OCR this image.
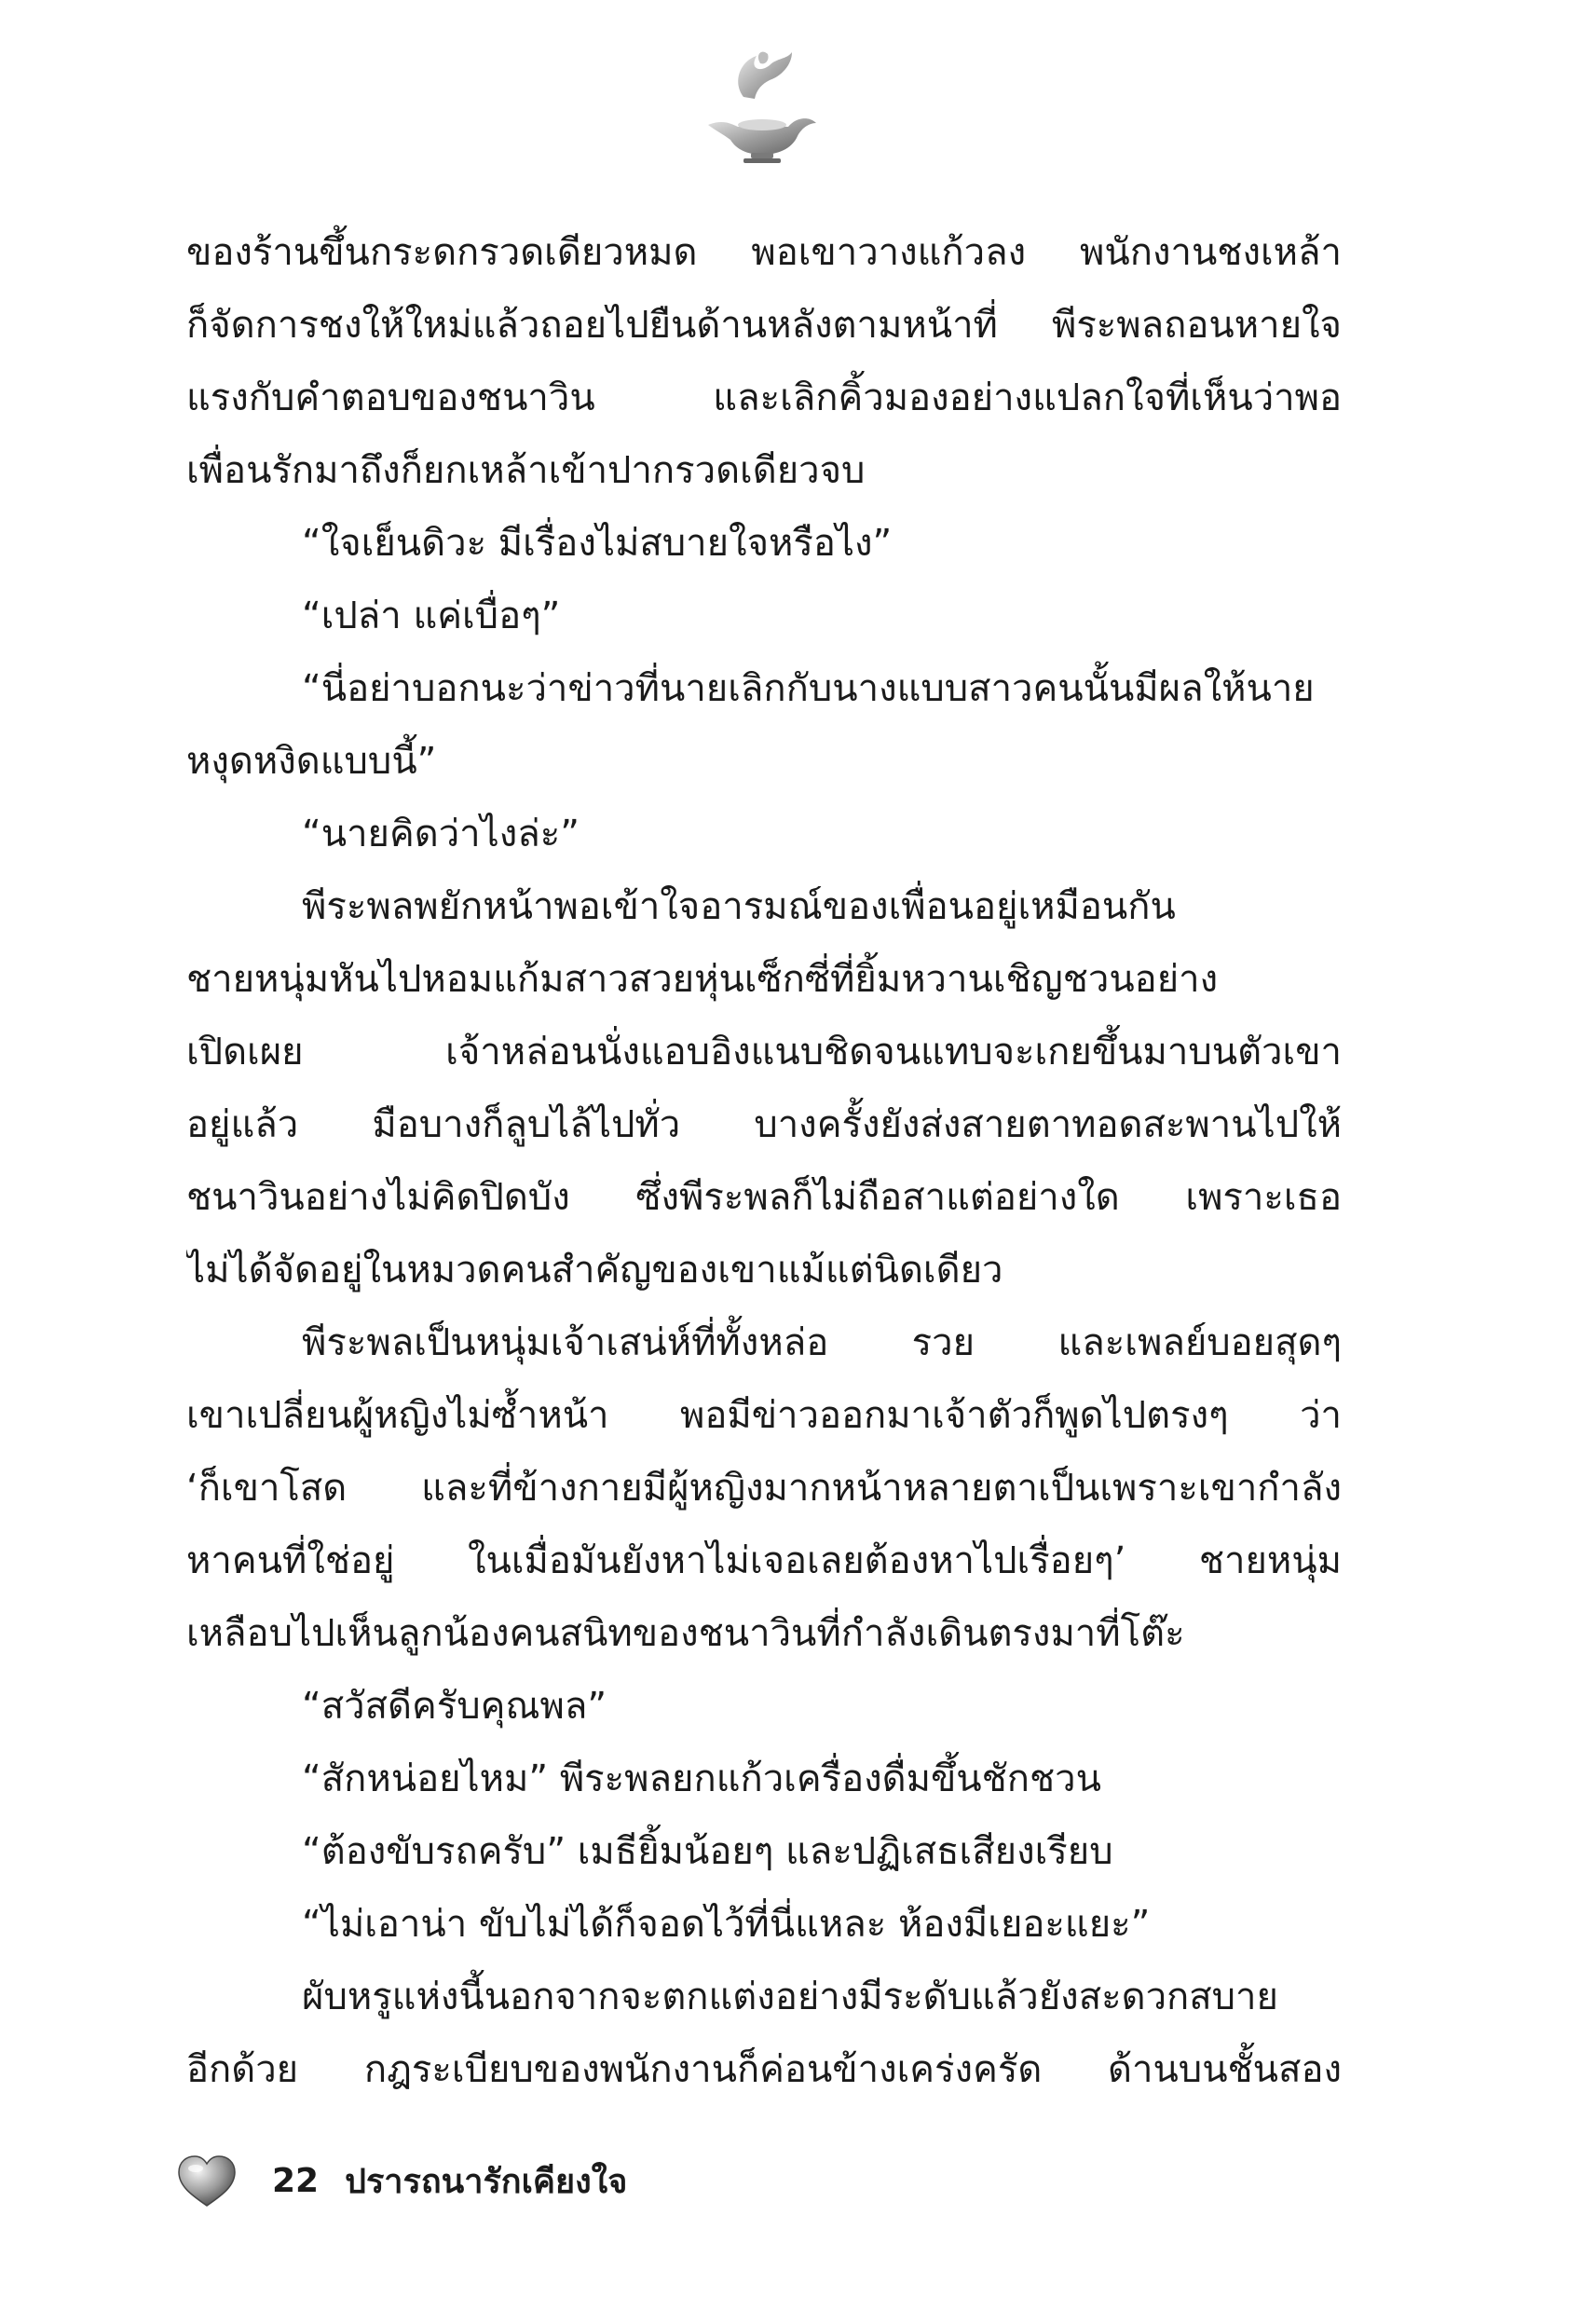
ของร้านขึ้นกระดกรวดเดียวหมด พอเขาวางแก้วลง พนักงานชงเหล้า
ก็จัดการชงให้ใหม่แล้วถอยไปยืนด้านหลังตามหน้าที่ พีระพลถอนหายใจ
แรงกับคำตอบของชนาวิน และเลิกคิ้วมองอย่างแปลกใจที่เห็นว่าพอ
เพื่อนรักมาถึงก็ยกเหล้าเข้าปากรวดเดียวจบ
“ใจเย็นดิวะ มีเรื่องไม่สบายใจหรือไง”
“เปล่า แค่เบื่อๆ”
“นี่อย่าบอกนะว่าข่าวที่นายเลิกกับนางแบบสาวคนนั้นมีผลให้นาย
หงุดหงิดแบบนี้”
“นายคิดว่าไงล่ะ”
พีระพลพยักหน้าพอเข้าใจอารมณ์ของเพื่อนอยู่เหมือนกัน
ชายหนุ่มหันไปหอมแก้มสาวสวยหุ่นเซ็กซี่ที่ยิ้มหวานเชิญชวนอย่าง
เปิดเผย เจ้าหล่อนนั่งแอบอิงแนบชิดจนแทบจะเกยขึ้นมาบนตัวเขา
อยู่แล้ว มือบางก็ลูบไล้ไปทั่ว บางครั้งยังส่งสายตาทอดสะพานไปให้
ชนาวินอย่างไม่คิดปิดบัง ซึ่งพีระพลก็ไม่ถือสาแต่อย่างใด เพราะเธอ
ไม่ได้จัดอยู่ในหมวดคนสำคัญของเขาแม้แต่นิดเดียว
พีระพลเป็นหนุ่มเจ้าเสน่ห์ที่ทั้งหล่อ รวย และเพลย์บอยสุดๆ
เขาเปลี่ยนผู้หญิงไม่ซ้ำหน้า พอมีข่าวออกมาเจ้าตัวก็พูดไปตรงๆ ว่า
‘ก็เขาโสด และที่ข้างกายมีผู้หญิงมากหน้าหลายตาเป็นเพราะเขากำลัง
หาคนที่ใช่อยู่ ในเมื่อมันยังหาไม่เจอเลยต้องหาไปเรื่อยๆ’ ชายหนุ่ม
เหลือบไปเห็นลูกน้องคนสนิทของชนาวินที่กำลังเดินตรงมาที่โต๊ะ
“สวัสดีครับคุณพล”
“สักหน่อยไหม” พีระพลยกแก้วเครื่องดื่มขึ้นชักชวน
“ต้องขับรถครับ” เมธียิ้มน้อยๆ และปฏิเสธเสียงเรียบ
“ไม่เอาน่า ขับไม่ได้ก็จอดไว้ที่นี่แหละ ห้องมีเยอะแยะ”
ผับหรูแห่งนี้นอกจากจะตกแต่งอย่างมีระดับแล้วยังสะดวกสบาย
อีกด้วย กฎระเบียบของพนักงานก็ค่อนข้างเคร่งครัด ด้านบนชั้นสอง
22 ปรารถนารักเคียงใจ
